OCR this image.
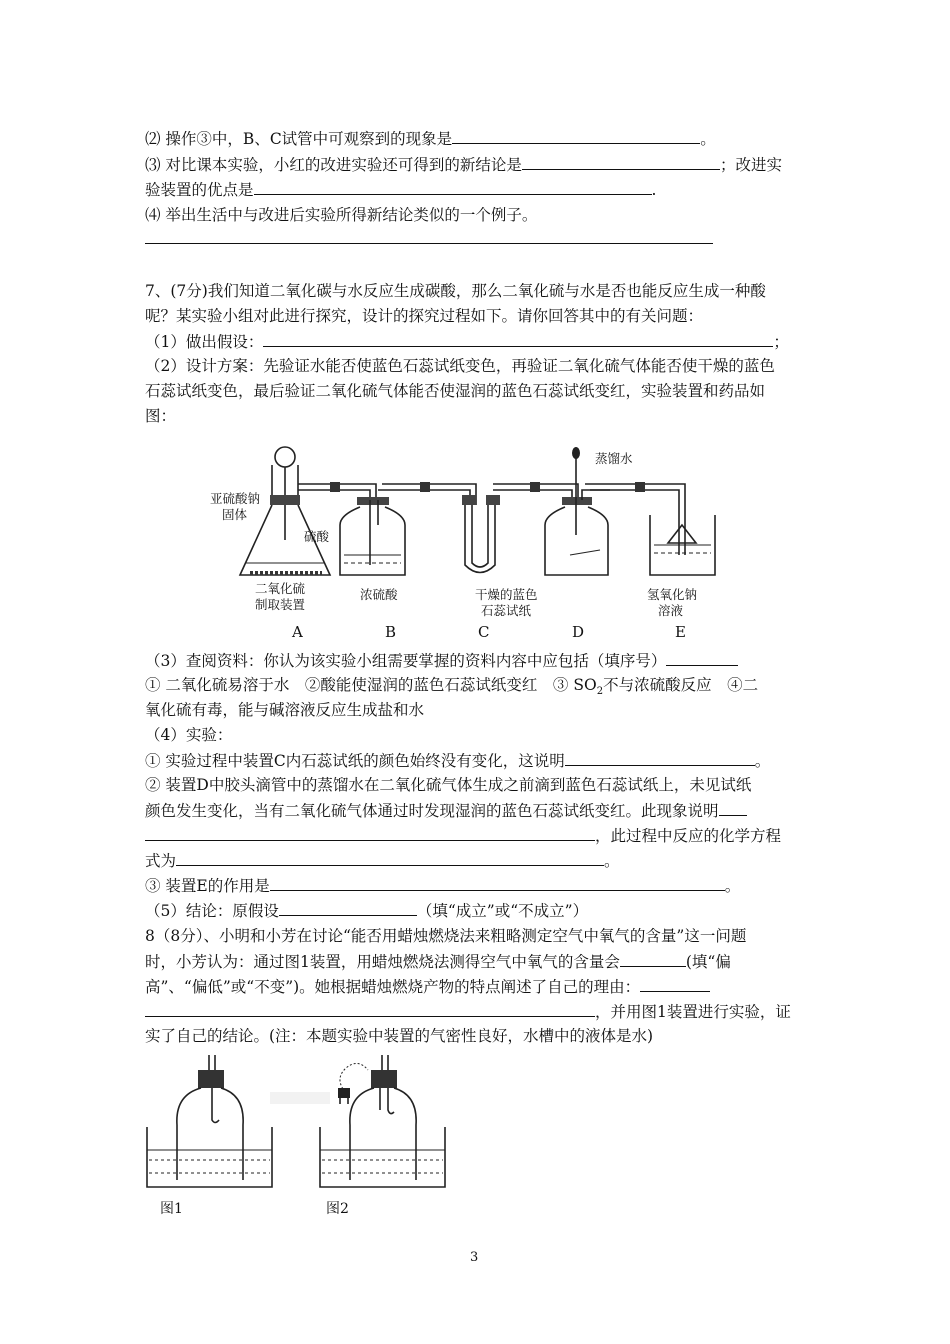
⑵ 操作③中，B、C试管中可观察到的现象是	。
⑶ 对比课本实验，小红的改进实验还可得到的新结论是	；改进实
验装置的优点是	.
⑷ 举出生活中与改进后实验所得新结论类似的一个例子。
7、(7分)我们知道二氧化碳与水反应生成碳酸，那么二氧化硫与水是否也能反应生成一种酸
呢？某实验小组对此进行探究，设计的探究过程如下。请你回答其中的有关问题：
（1）做出假设：	；
（2）设计方案：先验证水能否使蓝色石蕊试纸变色，再验证二氧化硫气体能否使干燥的蓝色
石蕊试纸变色，最后验证二氧化硫气体能否使湿润的蓝色石蕊试纸变红，实验装置和药品如
图：
亚硫酸钠
固体
硫酸
二氧化硫
制取装置
浓硫酸	干燥的蓝色
石蕊试纸
蒸馏水
氢氧化钠
溶液
A	B	C	D	E
（3）查阅资料：你认为该实验小组需要掌握的资料内容中应包括（填序号）
① 二氧化硫易溶于水　②酸能使湿润的蓝色石蕊试纸变红　③ $SO_2$不与浓硫酸反应　④二
氧化硫有毒，能与碱溶液反应生成盐和水
（4）实验：
① 实验过程中装置C内石蕊试纸的颜色始终没有变化，这说明	。
② 装置D中胶头滴管中的蒸馏水在二氧化硫气体生成之前滴到蓝色石蕊试纸上，未见试纸
颜色发生变化，当有二氧化硫气体通过时发现湿润的蓝色石蕊试纸变红。此现象说明
，此过程中反应的化学方程
式为	。
③ 装置E的作用是	。
（5）结论：原假设	（填“成立”或“不成立”）
8（8分）、小明和小芳在讨论“能否用蜡烛燃烧法来粗略测定空气中氧气的含量”这一问题
时，小芳认为：通过图1装置，用蜡烛燃烧法测得空气中氧气的含量会	(填“偏
高”、“偏低”或“不变”)。她根据蜡烛燃烧产物的特点阐述了自己的理由：
，并用图1装置进行实验，证
实了自己的结论。(注：本题实验中装置的气密性良好，水槽中的液体是水)
图1	图2
3
